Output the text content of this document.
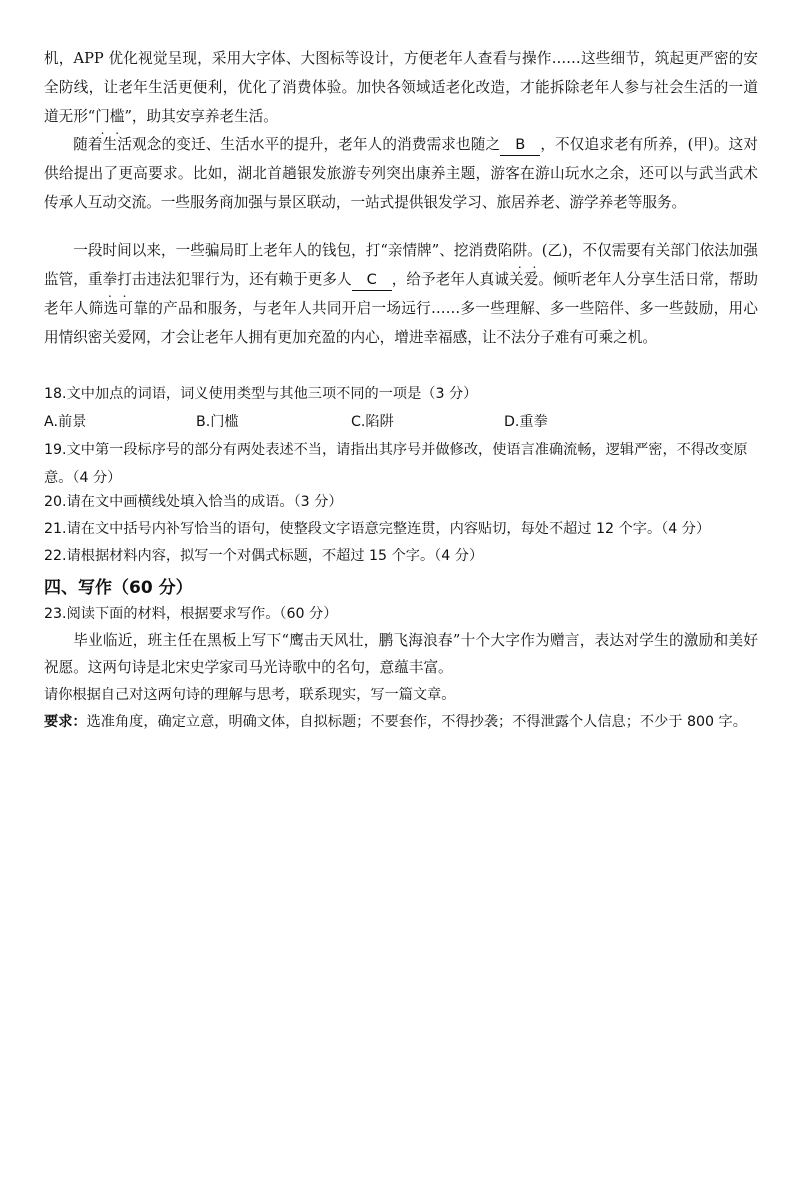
机，APP 优化视觉呈现，采用大字体、大图标等设计，方便老年人查看与操作……这些细节，筑起更严密的安全防线，让老年生活更便利，优化了消费体验。加快各领域适老化改造，才能拆除老年人参与社会生活的一道道无形“门槛”，助其安享养老生活。
随着生活观念的变迁、生活水平的提升，老年人的消费需求也随之 B ，不仅追求老有所养，(甲)。这对供给提出了更高要求。比如，湖北首趟银发旅游专列突出康养主题，游客在游山玩水之余，还可以与武当武术传承人互动交流。一些服务商加强与景区联动，一站式提供银发学习、旅居养老、游学养老等服务。
一段时间以来，一些骗局盯上老年人的钱包，打“亲情牌”、挖消费陷阱。(乙)，不仅需要有关部门依法加强监管，重拳打击违法犯罪行为，还有赖于更多人 C ，给予老年人真诚关爱。倾听老年人分享生活日常，帮助老年人筛选可靠的产品和服务，与老年人共同开启一场远行……多一些理解、多一些陪伴、多一些鼓励，用心用情织密关爱网，才会让老年人拥有更加充盈的内心，增进幸福感，让不法分子难有可乘之机。
18.文中加点的词语，词义使用类型与其他三项不同的一项是（3 分）
A.前景	B.门槛	C.陷阱	D.重拳
19.文中第一段标序号的部分有两处表述不当，请指出其序号并做修改，使语言准确流畅，逻辑严密，不得改变原意。（4 分）
20.请在文中画横线处填入恰当的成语。（3 分）
21.请在文中括号内补写恰当的语句，使整段文字语意完整连贯，内容贴切，每处不超过 12 个字。（4 分）
22.请根据材料内容，拟写一个对偶式标题，不超过 15 个字。（4 分）
四、写作（60 分）
23.阅读下面的材料，根据要求写作。（60 分）
毕业临近，班主任在黑板上写下“鹰击天风壮，鹏飞海浪春”十个大字作为赠言，表达对学生的激励和美好祝愿。这两句诗是北宋史学家司马光诗歌中的名句，意蕴丰富。
请你根据自己对这两句诗的理解与思考，联系现实，写一篇文章。
要求：选准角度，确定立意，明确文体，自拟标题；不要套作，不得抄袭；不得泄露个人信息；不少于 800 字。
